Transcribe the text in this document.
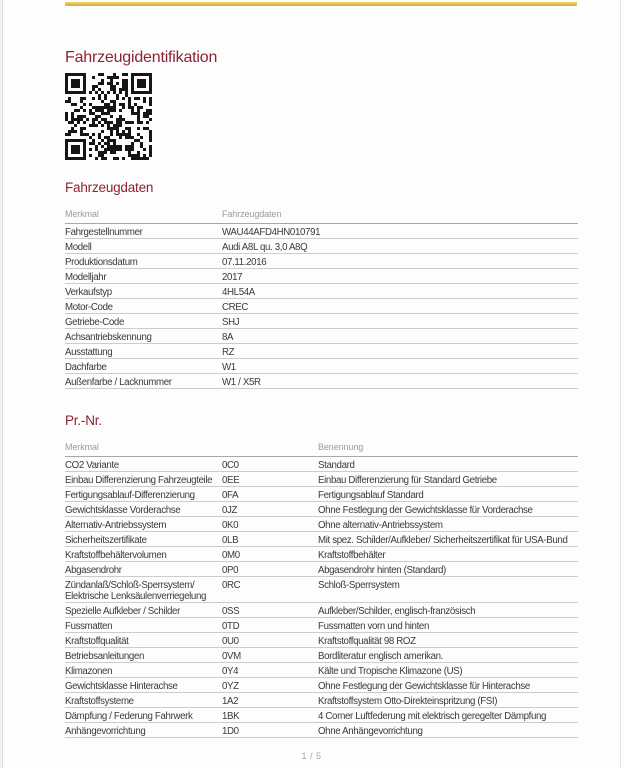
Fahrzeugidentifikation
Fahrzeugdaten
Merkmal	Fahrzeugdaten
Fahrgestellnummer	WAU44AFD4HN010791
Modell	Audi A8L qu. 3,0 A8Q
Produktionsdatum	07.11.2016
Modelljahr	2017
Verkaufstyp	4HL54A
Motor-Code	CREC
Getriebe-Code	SHJ
Achsantriebskennung	8A
Ausstattung	RZ
Dachfarbe	W1
Außenfarbe / Lacknummer	W1 / X5R
Pr.-Nr.
Merkmal		Benennung
CO2 Variante	0C0	Standard
Einbau Differenzierung Fahrzeugteile	0EE	Einbau Differenzierung für Standard Getriebe
Fertigungsablauf-Differenzierung	0FA	Fertigungsablauf Standard
Gewichtsklasse Vorderachse	0JZ	Ohne Festlegung der Gewichtsklasse für Vorderachse
Alternativ-Antriebssystem	0K0	Ohne alternativ-Antriebssystem
Sicherheitszertifikate	0LB	Mit spez. Schilder/Aufkleber/ Sicherheitszertifikat für USA-Bund
Kraftstoffbehältervolumen	0M0	Kraftstoffbehälter
Abgasendrohr	0P0	Abgasendrohr hinten (Standard)
Zündanlaß/Schloß-Sperrsystem/ Elektrische Lenksäulenverriegelung	0RC	Schloß-Sperrsystem
Spezielle Aufkleber / Schilder	0SS	Aufkleber/Schilder, englisch-französisch
Fussmatten	0TD	Fussmatten vorn und hinten
Kraftstoffqualität	0U0	Kraftstoffqualität 98 ROZ
Betriebsanleitungen	0VM	Bordliteratur englisch amerikan.
Klimazonen	0Y4	Kälte und Tropische Klimazone (US)
Gewichtsklasse Hinterachse	0YZ	Ohne Festlegung der Gewichtsklasse für Hinterachse
Kraftstoffsysteme	1A2	Kraftstoffsystem Otto-Direkteinspritzung (FSI)
Dämpfung / Federung Fahrwerk	1BK	4 Corner Luftfederung mit elektrisch geregelter Dämpfung
Anhängevorrichtung	1D0	Ohne Anhängevorrichtung
1 / 5
